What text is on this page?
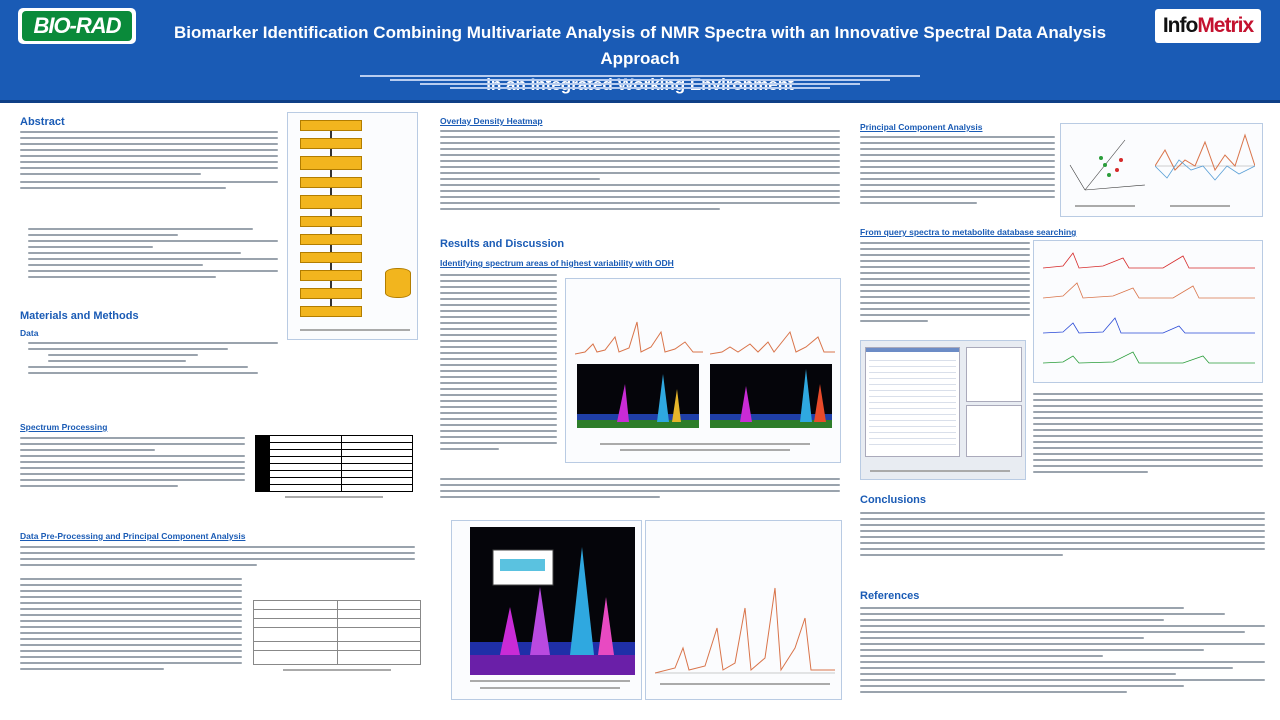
BIO-RAD	Biomarker Identification Combining Multivariate Analysis of NMR Spectra with an Innovative Spectral Data Analysis Approach
Info Metrix
Abstract
Materials and Methods
Data
Spectrum Processing

Data Pre-Processing and Principal Component Analysis

Overlay Density Heatmap
Results and Discussion
Identifying spectrum areas of highest variability with ODH
Principal Component Analysis
From query spectra to metabolite database searching
Conclusions
References
